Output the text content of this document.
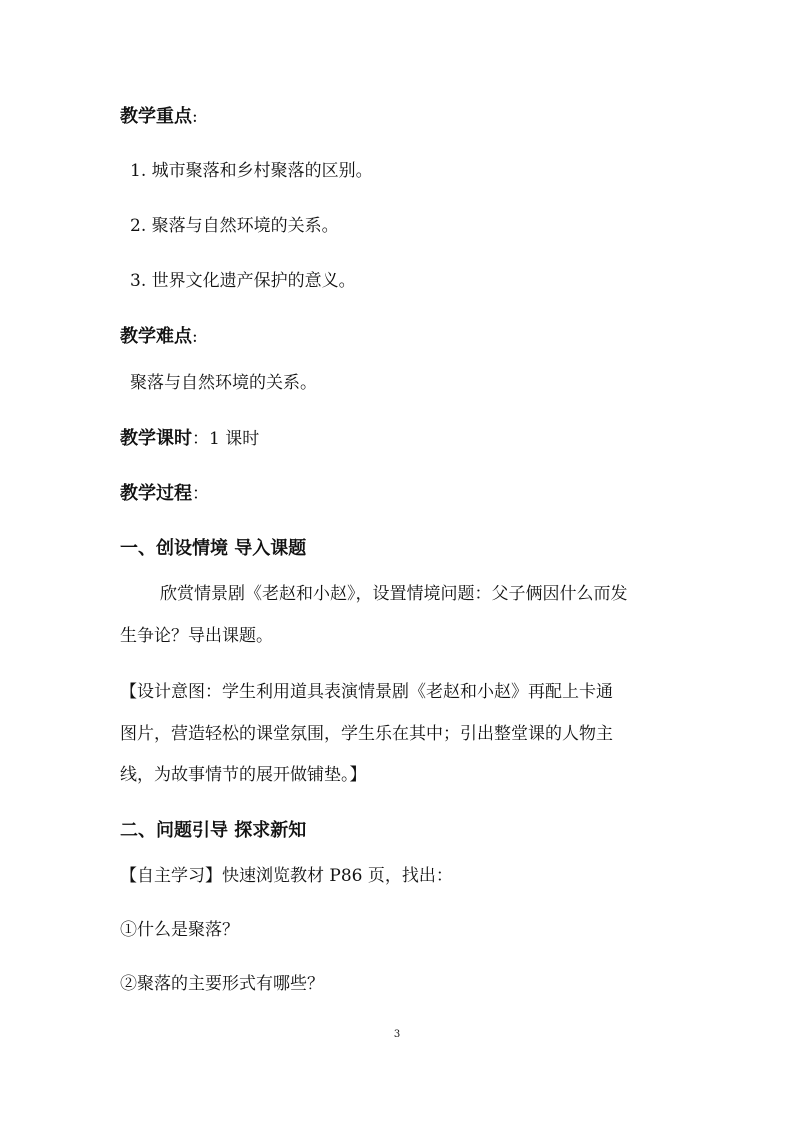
教学重点:
1. 城市聚落和乡村聚落的区别。
2. 聚落与自然环境的关系。
3. 世界文化遗产保护的意义。
教学难点:
聚落与自然环境的关系。
教学课时：1 课时
教学过程：
一、创设情境 导入课题
欣赏情景剧《老赵和小赵》，设置情境问题：父子俩因什么而发
生争论？导出课题。
【设计意图：学生利用道具表演情景剧《老赵和小赵》再配上卡通
图片，营造轻松的课堂氛围，学生乐在其中；引出整堂课的人物主
线，为故事情节的展开做铺垫。】
二、问题引导 探求新知
【自主学习】快速浏览教材 P86 页，找出：
①什么是聚落？
②聚落的主要形式有哪些？
3
